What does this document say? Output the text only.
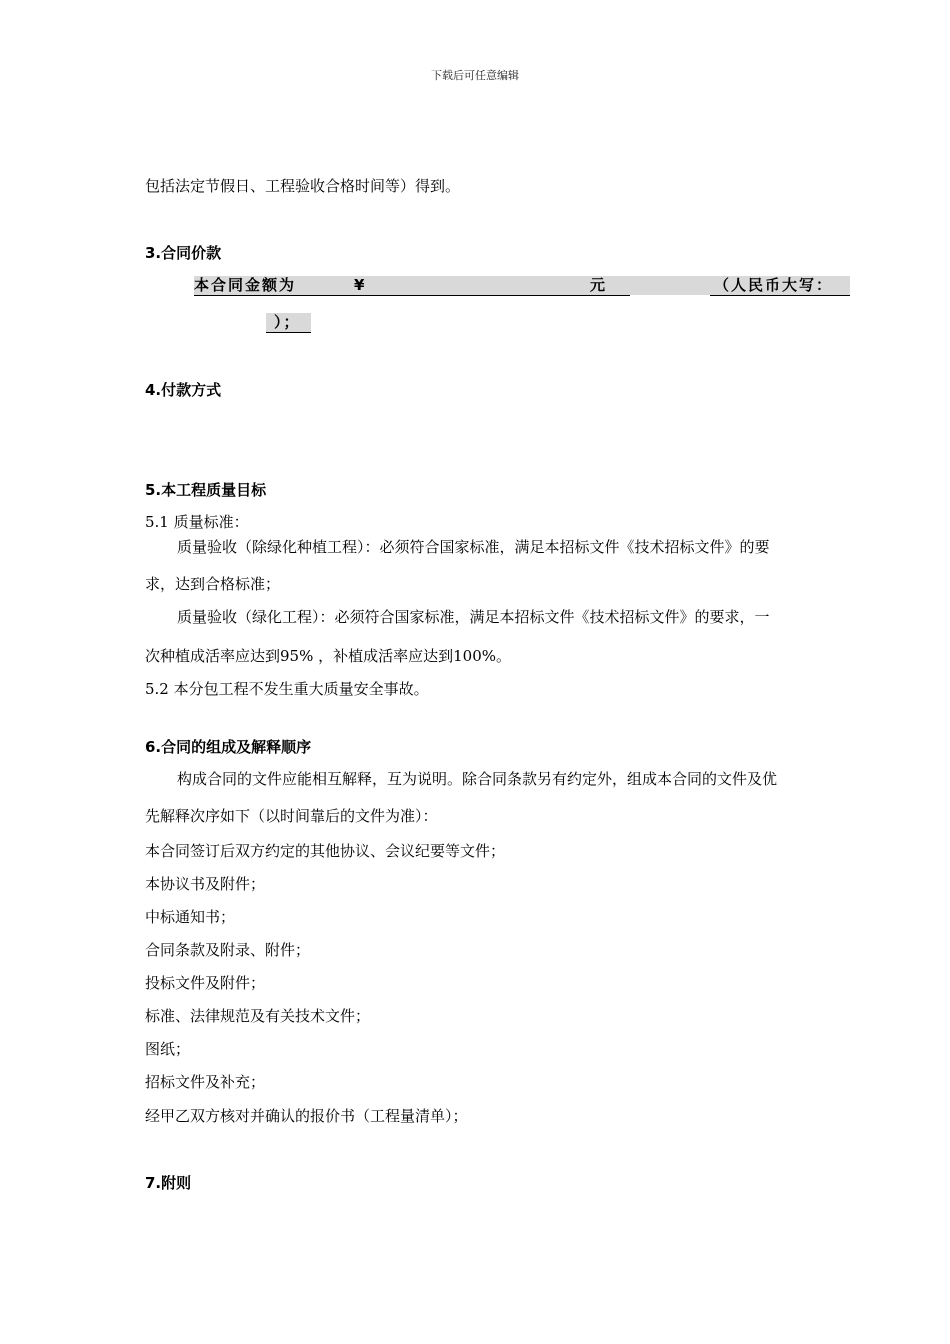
下载后可任意编辑
包括法定节假日、工程验收合格时间等）得到。
3.合同价款
本合同金额为	¥	元	（人民币大写：
）；
4.付款方式
5.本工程质量目标
5.1 质量标准：
质量验收（除绿化种植工程）：必须符合国家标准，满足本招标文件《技术招标文件》的要
求，达到合格标准；
质量验收（绿化工程）：必须符合国家标准，满足本招标文件《技术招标文件》的要求，一
次种植成活率应达到95% ，补植成活率应达到100%。
5.2 本分包工程不发生重大质量安全事故。
6.合同的组成及解释顺序
构成合同的文件应能相互解释，互为说明。除合同条款另有约定外，组成本合同的文件及优
先解释次序如下（以时间靠后的文件为准）：
本合同签订后双方约定的其他协议、会议纪要等文件；
本协议书及附件；
中标通知书；
合同条款及附录、附件；
投标文件及附件；
标准、法律规范及有关技术文件；
图纸；
招标文件及补充；
经甲乙双方核对并确认的报价书（工程量清单）；
7.附则
